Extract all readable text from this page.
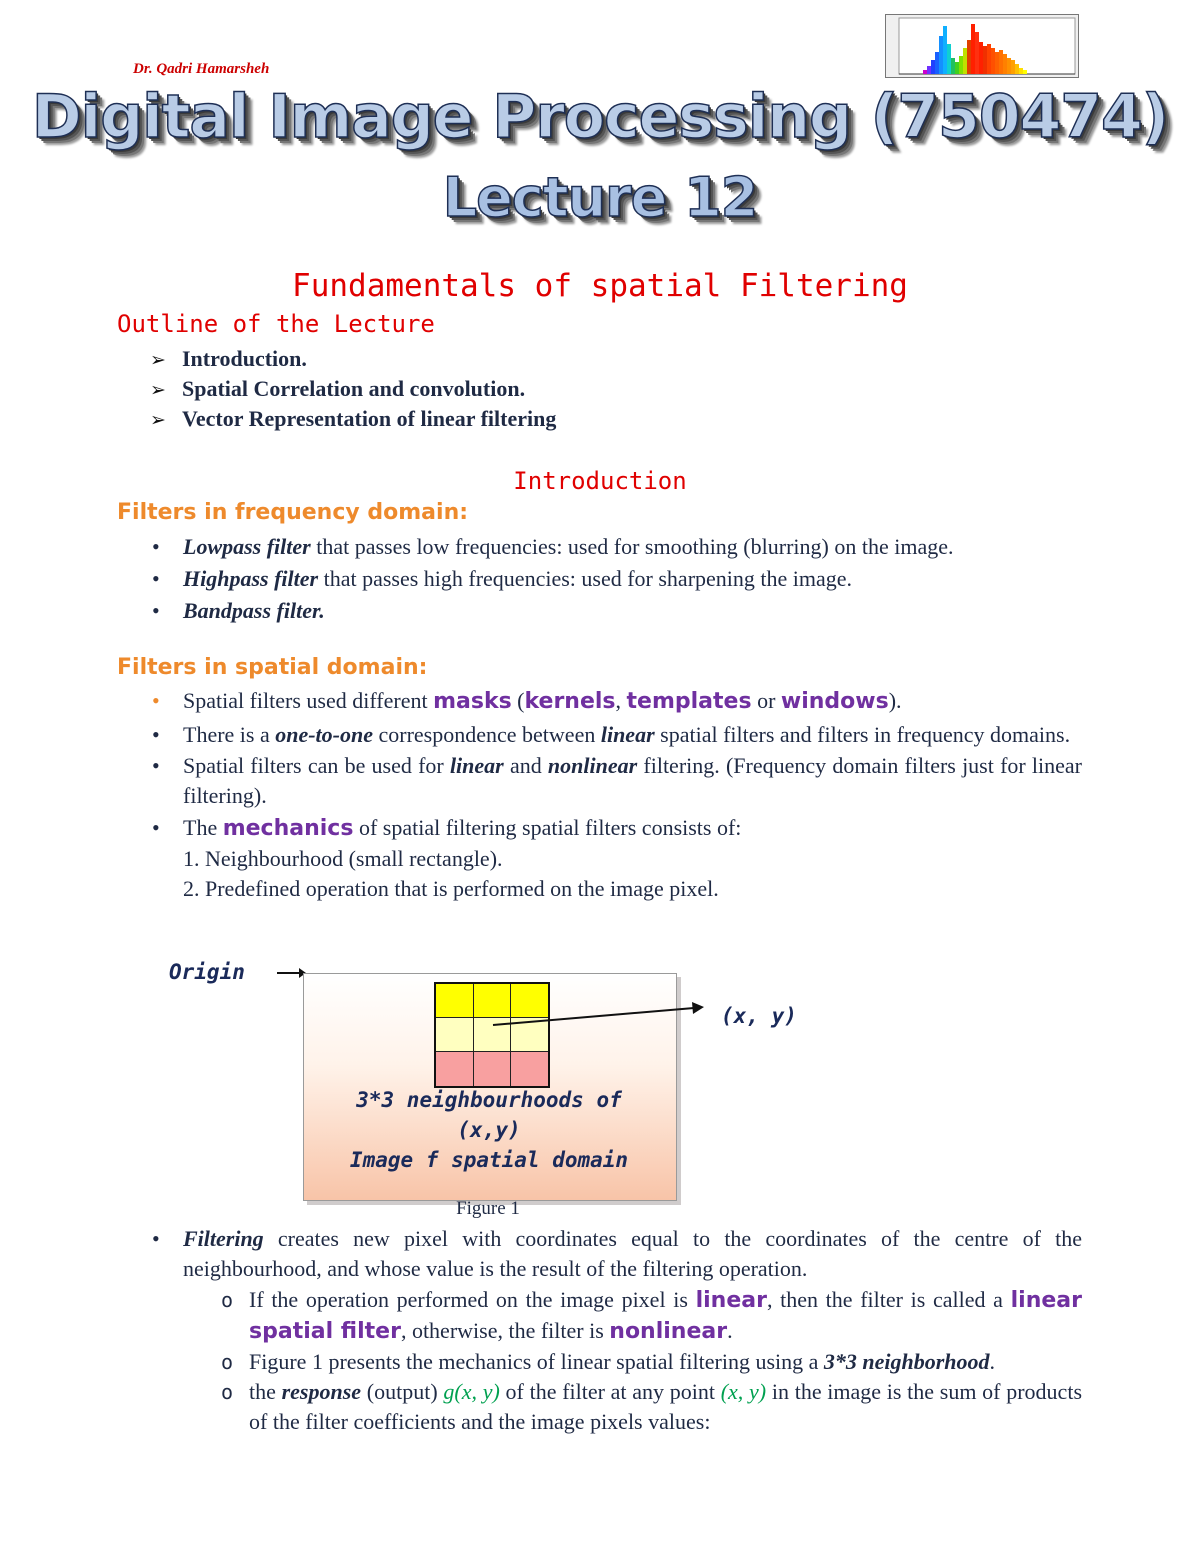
Dr. Qadri Hamarsheh
Digital Image Processing (750474)
Lecture 12
Fundamentals of spatial Filtering
Outline of the Lecture
➢ Introduction.
➢ Spatial Correlation and convolution.
➢ Vector Representation of linear filtering
Introduction
Filters in frequency domain:
• Lowpass filter that passes low frequencies: used for smoothing (blurring) on the image.
• Highpass filter that passes high frequencies: used for sharpening the image.
• Bandpass filter.
Filters in spatial domain:
• Spatial filters used different masks (kernels, templates or windows).
• There is a one-to-one correspondence between linear spatial filters and filters in frequency domains.
• Spatial filters can be used for linear and nonlinear filtering. (Frequency domain filters just for linear filtering).
• The mechanics of spatial filtering spatial filters consists of:
1. Neighbourhood (small rectangle).
2. Predefined operation that is performed on the image pixel.
Origin
(x, y)
3*3 neighbourhoods of
(x,y)
Image f spatial domain
Figure 1
• Filtering creates new pixel with coordinates equal to the coordinates of the centre of the neighbourhood, and whose value is the result of the filtering operation.
o If the operation performed on the image pixel is linear, then the filter is called a linear spatial filter, otherwise, the filter is nonlinear.
o Figure 1 presents the mechanics of linear spatial filtering using a 3*3 neighborhood.
o the response (output) g(x, y) of the filter at any point (x, y) in the image is the sum of products of the filter coefficients and the image pixels values:
